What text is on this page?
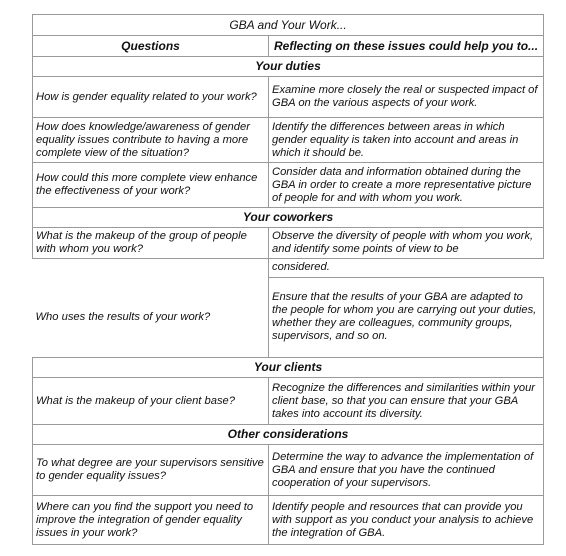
GBA and Your Work...	
Questions	Reflecting on these issues could help you to...
Your duties	
How is gender equality related to your work?	Examine more closely the real or suspected impact of GBA on the various aspects of your work.
How does knowledge/awareness of gender equality issues contribute to having a more complete view of the situation?	Identify the differences between areas in which gender equality is taken into account and areas in which it should be.
How could this more complete view enhance the effectiveness of your work?	Consider data and information obtained during the GBA in order to create a more representative picture of people for and with whom you work.
Your coworkers	
What is the makeup of the group of people with whom you work?	Observe the diversity of people with whom you work, and identify some points of view to be
	considered.
Who uses the results of your work?	Ensure that the results of your GBA are adapted to the people for whom you are carrying out your duties, whether they are colleagues, community groups, supervisors, and so on.
Your clients	
What is the makeup of your client base?	Recognize the differences and similarities within your client base, so that you can ensure that your GBA takes into account its diversity.
Other considerations	
To what degree are your supervisors sensitive to gender equality issues?	Determine the way to advance the implementation of GBA and ensure that you have the continued cooperation of your supervisors.
Where can you find the support you need to improve the integration of gender equality issues in your work?	Identify people and resources that can provide you with support as you conduct your analysis to achieve the integration of GBA.
